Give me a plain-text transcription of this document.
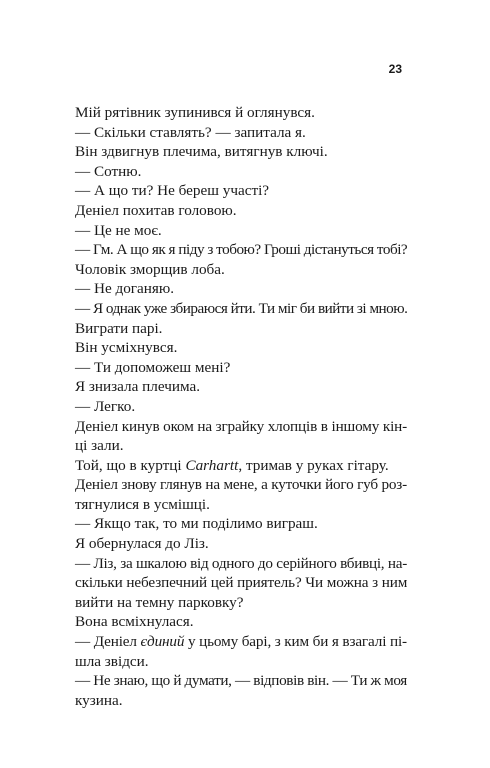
23
Мій рятівник зупинився й оглянувся.
— Скільки ставлять? — запитала я.
Він здвигнув плечима, витягнув ключі.
— Сотню.
— А що ти? Не береш участі?
Деніел похитав головою.
— Це не моє.
— Гм. А що як я піду з тобою? Гроші дістануться тобі?
Чоловік зморщив лоба.
— Не доганяю.
— Я однак уже збираюся йти. Ти міг би вийти зі мною.
Виграти парі.
Він усміхнувся.
— Ти допоможеш мені?
Я знизала плечима.
— Легко.
Деніел кинув оком на зграйку хлопців в іншому кін-
ці зали.
Той, що в куртці Carhartt, тримав у руках гітару.
Деніел знову глянув на мене, а куточки його губ роз-
тягнулися в усмішці.
— Якщо так, то ми поділимо виграш.
Я обернулася до Ліз.
— Ліз, за шкалою від одного до серійного вбивці, на-
скільки небезпечний цей приятель? Чи можна з ним
вийти на темну парковку?
Вона всміхнулася.
— Деніел єдиний у цьому барі, з ким би я взагалі пі-
шла звідси.
— Не знаю, що й думати, — відповів він. — Ти ж моя
кузина.
